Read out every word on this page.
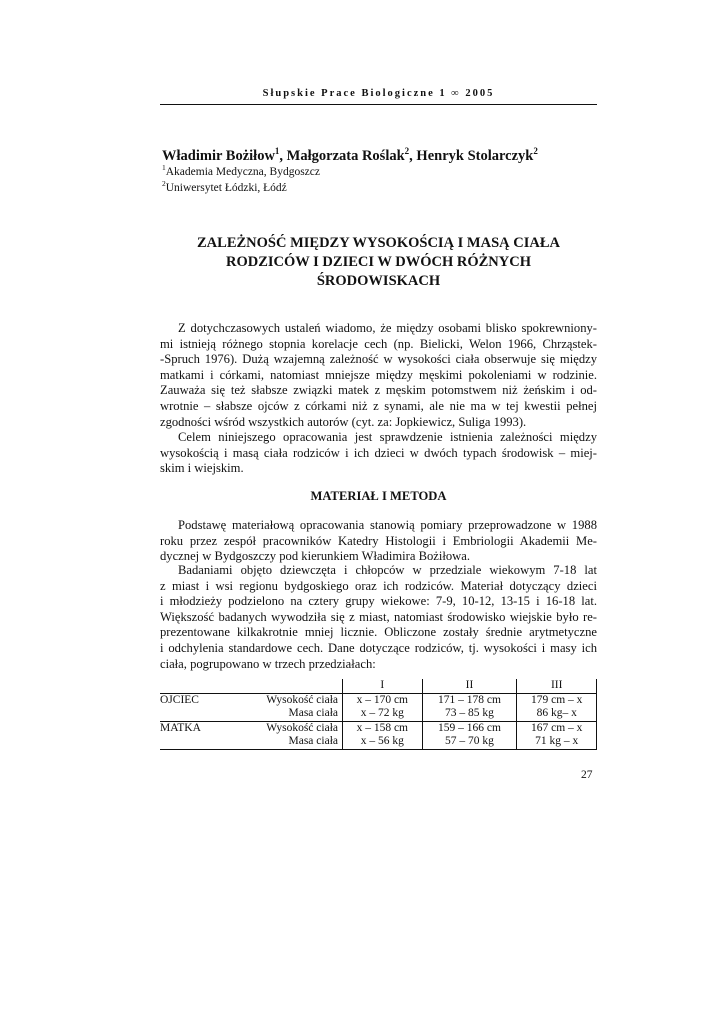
Słupskie Prace Biologiczne 1 ∞ 2005
Władimir Bożiłow$^1$, Małgorzata Roślak$^2$, Henryk Stolarczyk$^2$
$^1$Akademia Medyczna, Bydgoszcz
$^2$Uniwersytet Łódzki, Łódź
ZALEŻNOŚĆ MIĘDZY WYSOKOŚCIĄ I MASĄ CIAŁA
RODZICÓW I DZIECI W DWÓCH RÓŻNYCH
ŚRODOWISKACH
Z dotychczasowych ustaleń wiadomo, że między osobami blisko spokrewniony-
mi istnieją różnego stopnia korelacje cech (np. Bielicki, Welon 1966, Chrząstek-
-Spruch 1976). Dużą wzajemną zależność w wysokości ciała obserwuje się między
matkami i córkami, natomiast mniejsze między męskimi pokoleniami w rodzinie.
Zauważa się też słabsze związki matek z męskim potomstwem niż żeńskim i od-
wrotnie – słabsze ojców z córkami niż z synami, ale nie ma w tej kwestii pełnej
zgodności wśród wszystkich autorów (cyt. za: Jopkiewicz, Suliga 1993).
Celem niniejszego opracowania jest sprawdzenie istnienia zależności między
wysokością i masą ciała rodziców i ich dzieci w dwóch typach środowisk – miej-
skim i wiejskim.
MATERIAŁ I METODA
Podstawę materiałową opracowania stanowią pomiary przeprowadzone w 1988
roku przez zespół pracowników Katedry Histologii i Embriologii Akademii Me-
dycznej w Bydgoszczy pod kierunkiem Władimira Bożiłowa.
Badaniami objęto dziewczęta i chłopców w przedziale wiekowym 7-18 lat
z miast i wsi regionu bydgoskiego oraz ich rodziców. Materiał dotyczący dzieci
i młodzieży podzielono na cztery grupy wiekowe: 7-9, 10-12, 13-15 i 16-18 lat.
Większość badanych wywodziła się z miast, natomiast środowisko wiejskie było re-
prezentowane kilkakrotnie mniej licznie. Obliczone zostały średnie arytmetyczne
i odchylenia standardowe cech. Dane dotyczące rodziców, tj. wysokości i masy ich
ciała, pogrupowano w trzech przedziałach:
		I	II	III
OJCIEC	Wysokość ciała	x – 170 cm	171 – 178 cm	179 cm – x
	Masa ciała	x – 72 kg	73 – 85 kg	86 kg– x
MATKA	Wysokość ciała	x – 158 cm	159 – 166 cm	167 cm – x
	Masa ciała	x – 56 kg	57 – 70 kg	71 kg – x
27
